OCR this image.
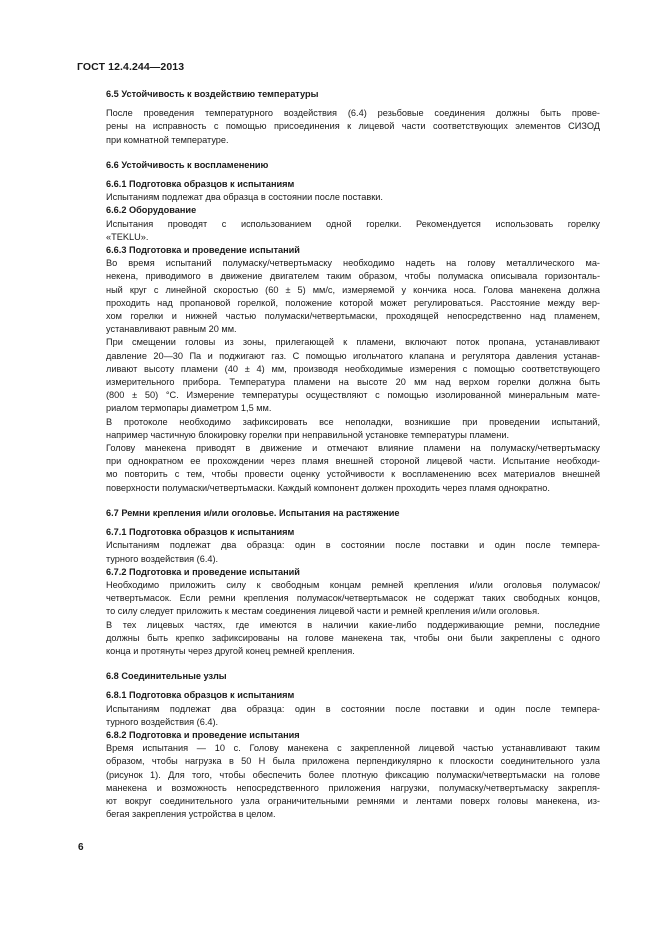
ГОСТ 12.4.244—2013
6.5 Устойчивость к воздействию температуры

После проведения температурного воздействия (6.4) резьбовые соединения должны быть прове-
рены на исправность с помощью присоединения к лицевой части соответствующих элементов СИЗОД
при комнатной температуре.

6.6 Устойчивость к воспламенению
6.6.1 Подготовка образцов к испытаниям

Испытаниям подлежат два образца в состоянии после поставки.

6.6.2 Оборудование

Испытания проводят с использованием одной горелки. Рекомендуется использовать горелку
«TEKLU».

6.6.3 Подготовка и проведение испытаний

Во время испытаний полумаску/четвертьмаску необходимо надеть на голову металлического ма-
некена, приводимого в движение двигателем таким образом, чтобы полумаска описывала горизонталь-
ный круг с линейной скоростью (60 ± 5) мм/с, измеряемой у кончика носа. Голова манекена должна
проходить над пропановой горелкой, положение которой может регулироваться. Расстояние между вер-
хом горелки и нижней частью полумаски/четвертьмаски, проходящей непосредственно над пламенем,
устанавливают равным 20 мм.

При смещении головы из зоны, прилегающей к пламени, включают поток пропана, устанавливают
давление 20—30 Па и поджигают газ. С помощью игольчатого клапана и регулятора давления устанав-
ливают высоту пламени (40 ± 4) мм, производя необходимые измерения с помощью соответствующего
измерительного прибора. Температура пламени на высоте 20 мм над верхом горелки должна быть
(800 ± 50) °C. Измерение температуры осуществляют с помощью изолированной минеральным мате-
риалом термопары диаметром 1,5 мм.

В протоколе необходимо зафиксировать все неполадки, возникшие при проведении испытаний,
например частичную блокировку горелки при неправильной установке температуры пламени.

Голову манекена приводят в движение и отмечают влияние пламени на полумаску/четвертьмаску
при однократном ее прохождении через пламя внешней стороной лицевой части. Испытание необходи-
мо повторить с тем, чтобы провести оценку устойчивости к воспламенению всех материалов внешней
поверхности полумаски/четвертьмаски. Каждый компонент должен проходить через пламя однократно.

6.7 Ремни крепления и/или оголовье. Испытания на растяжение
6.7.1 Подготовка образцов к испытаниям

Испытаниям подлежат два образца: один в состоянии после поставки и один после темпера-
турного воздействия (6.4).

6.7.2 Подготовка и проведение испытаний

Необходимо приложить силу к свободным концам ремней крепления и/или оголовья полумасок/
четвертьмасок. Если ремни крепления полумасок/четвертьмасок не содержат таких свободных концов,
то силу следует приложить к местам соединения лицевой части и ремней крепления и/или оголовья.

В тех лицевых частях, где имеются в наличии какие-либо поддерживающие ремни, последние
должны быть крепко зафиксированы на голове манекена так, чтобы они были закреплены с одного
конца и протянуты через другой конец ремней крепления.

6.8 Соединительные узлы
6.8.1 Подготовка образцов к испытаниям

Испытаниям подлежат два образца: один в состоянии после поставки и один после темпера-
турного воздействия (6.4).

6.8.2 Подготовка и проведение испытания

Время испытания — 10 с. Голову манекена с закрепленной лицевой частью устанавливают таким
образом, чтобы нагрузка в 50 Н была приложена перпендикулярно к плоскости соединительного узла
(рисунок 1). Для того, чтобы обеспечить более плотную фиксацию полумаски/четвертьмаски на голове
манекена и возможность непосредственного приложения нагрузки, полумаску/четвертьмаску закрепля-
ют вокруг соединительного узла ограничительными ремнями и лентами поверх головы манекена, из-
бегая закрепления устройства в целом.

6
